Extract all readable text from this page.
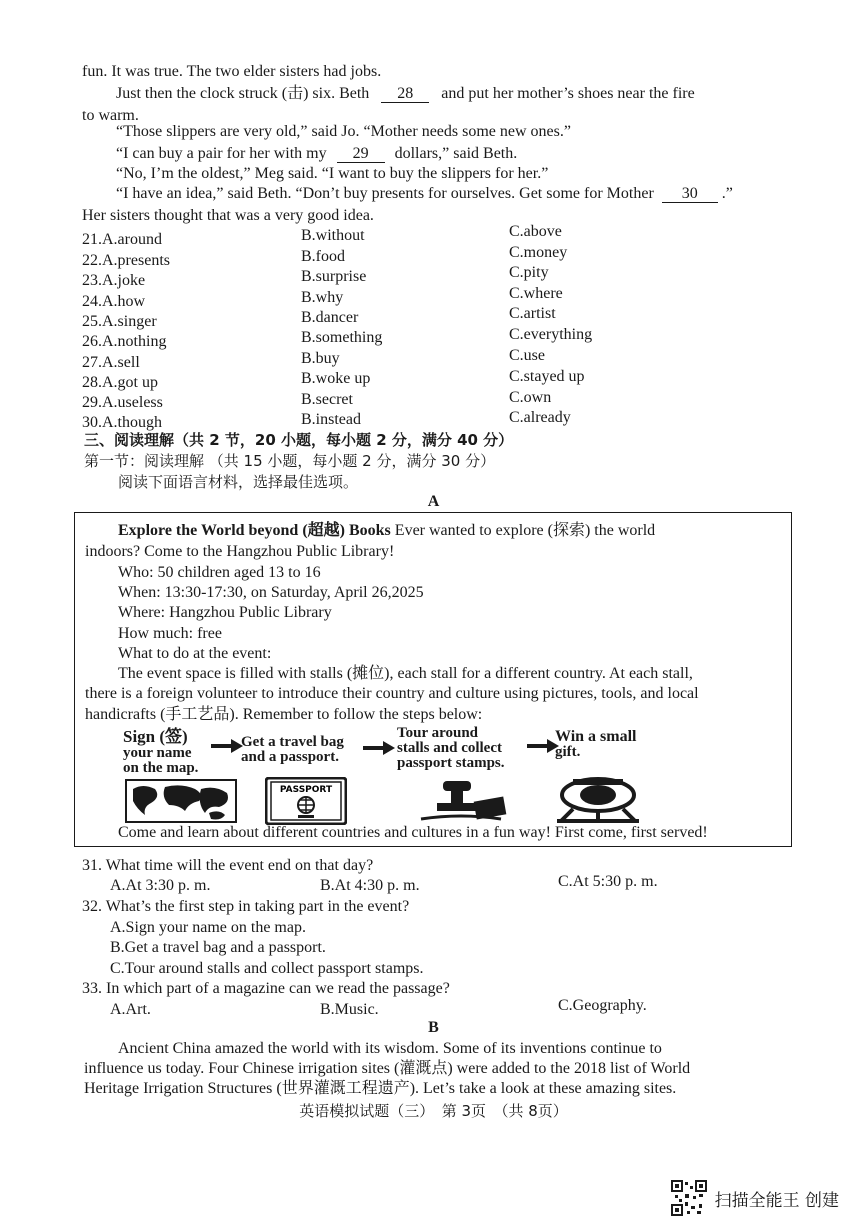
fun. It was true. The two elder sisters had jobs.
Just then the clock struck (击) six. Beth 28 and put her mother’s shoes near the fire
to warm.
“Those slippers are very old,” said Jo. “Mother needs some new ones.”
“I can buy a pair for her with my 29 dollars,” said Beth.
“No, I’m the oldest,” Meg said. “I want to buy the slippers for her.”
“I have an idea,” said Beth. “Don’t buy presents for ourselves. Get some for Mother 30 .”
Her sisters thought that was a very good idea.
21.A.around	B.without	C.above
22.A.presents	B.food	C.money
23.A.joke	B.surprise	C.pity
24.A.how	B.why	C.where
25.A.singer	B.dancer	C.artist
26.A.nothing	B.something	C.everything
27.A.sell	B.buy	C.use
28.A.got up	B.woke up	C.stayed up
29.A.useless	B.secret	C.own
30.A.though	B.instead	C.already
三、阅读理解（共 2 节，20 小题，每小题 2 分，满分 40 分）
第一节：阅读理解 （共 15 小题，每小题 2 分，满分 30 分）
阅读下面语言材料，选择最佳选项。
A
Explore the World beyond (超越) Books Ever wanted to explore (探索) the world
indoors? Come to the Hangzhou Public Library!
Who: 50 children aged 13 to 16
When: 13:30-17:30, on Saturday, April 26,2025
Where: Hangzhou Public Library
How much: free
What to do at the event:
The event space is filled with stalls (摊位), each stall for a different country. At each stall,
there is a foreign volunteer to introduce their country and culture using pictures, tools, and local
handicrafts (手工艺品). Remember to follow the steps below:
Sign (签)
your name
on the map.
Get a travel bag
and a passport.
Tour around
stalls and collect
passport stamps.
Win a small
gift.
PASSPORT
Come and learn about different countries and cultures in a fun way! First come, first served!
31. What time will the event end on that day?
A.At 3:30 p. m.	B.At 4:30 p. m.	C.At 5:30 p. m.
32. What’s the first step in taking part in the event?
A.Sign your name on the map.
B.Get a travel bag and a passport.
C.Tour around stalls and collect passport stamps.
33. In which part of a magazine can we read the passage?
A.Art.	B.Music.	C.Geography.
B
Ancient China amazed the world with its wisdom. Some of its inventions continue to
influence us today. Four Chinese irrigation sites (灌溉点) were added to the 2018 list of World
Heritage Irrigation Structures (世界灌溉工程遗产). Let’s take a look at these amazing sites.
英语模拟试题（三）　第 3页　（共 8页）
扫描全能王 创建
